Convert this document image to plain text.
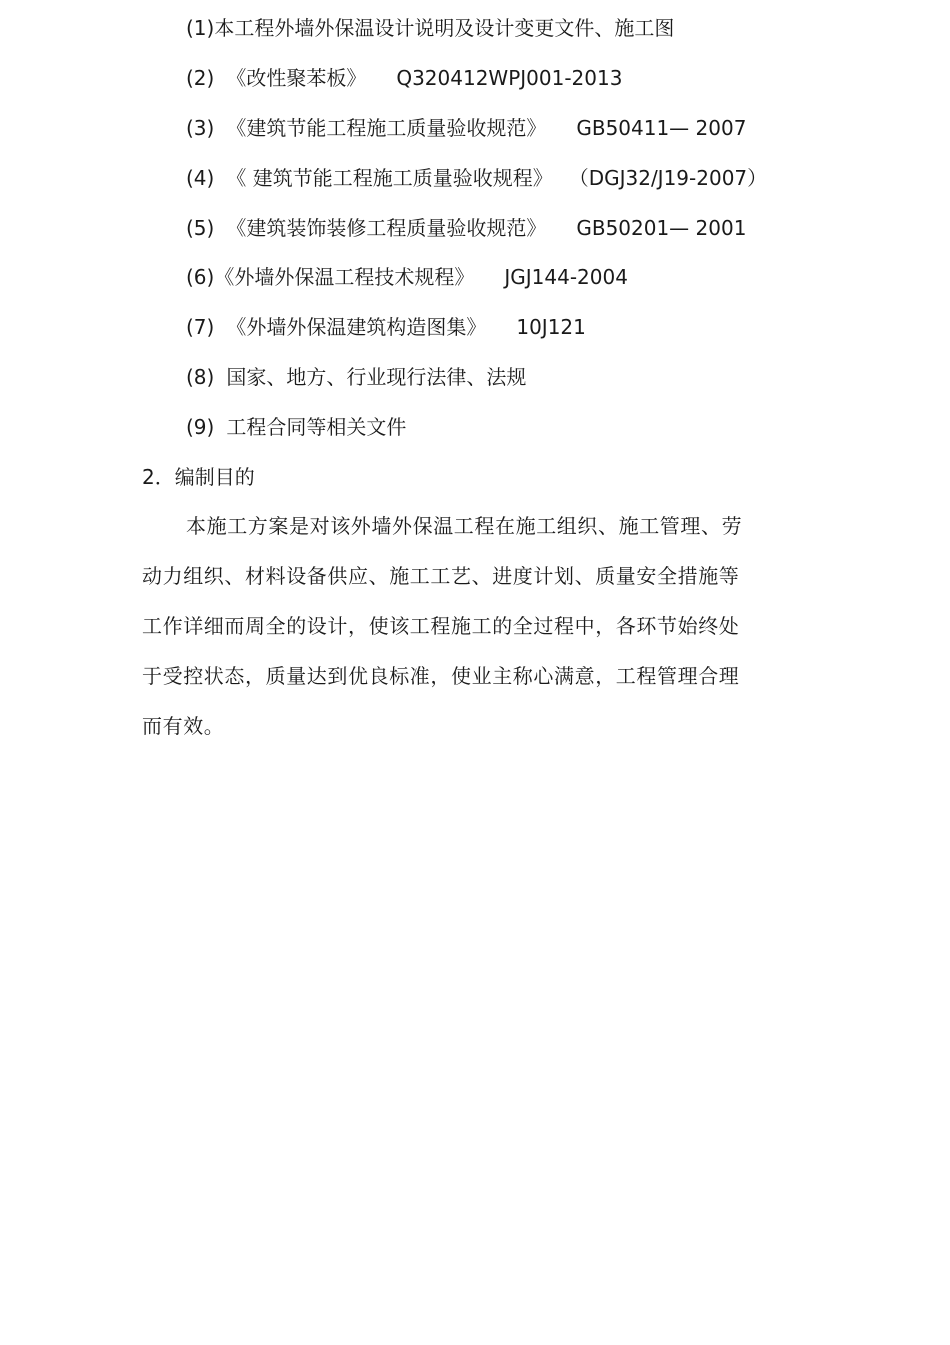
(1)本工程外墙外保温设计说明及设计变更文件、施工图
(2) 《改性聚苯板》 Q320412WPJ001-2013
(3) 《建筑节能工程施工质量验收规范》 GB50411— 2007
(4) 《 建筑节能工程施工质量验收规程》 （DGJ32/J19-2007）
(5) 《建筑装饰装修工程质量验收规范》 GB50201— 2001
(6)《外墙外保温工程技术规程》 JGJ144-2004
(7) 《外墙外保温建筑构造图集》 10J121
(8) 国家、地方、行业现行法律、法规
(9) 工程合同等相关文件
2．编制目的
本施工方案是对该外墙外保温工程在施工组织、施工管理、劳
动力组织、材料设备供应、施工工艺、进度计划、质量安全措施等
工作详细而周全的设计，使该工程施工的全过程中，各环节始终处
于受控状态，质量达到优良标准，使业主称心满意，工程管理合理
而有效。
